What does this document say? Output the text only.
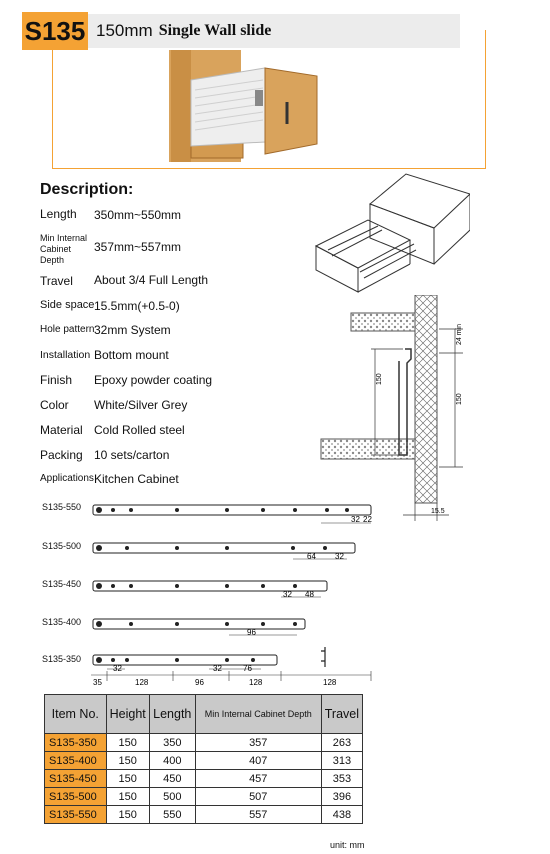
S135 150mm Single Wall slide
Description:
Length 350mm~550mm
Min Internal Cabinet Depth
357mm~557mm
Travel About 3/4 Full Length
Side space 15.5mm(+0.5-0)
Hole pattern 32mm System
Installation Bottom mount
Finish Epoxy powder coating
Color White/Silver Grey
Material Cold Rolled steel
Packing 10 sets/carton
Applications Kitchen Cabinet
150
24 min
150
15.5
S135-550
S135-500
S135-450
S135-400
S135-350
32 22
64 32
32 48
96
32	32	76
35	128	96	128	128
Item No.	Height	Length	Min Internal Cabinet Depth	Travel
S135-350	150	350	357	263
S135-400	150	400	407	313
S135-450	150	450	457	353
S135-500	150	500	507	396
S135-550	150	550	557	438
unit: mm
